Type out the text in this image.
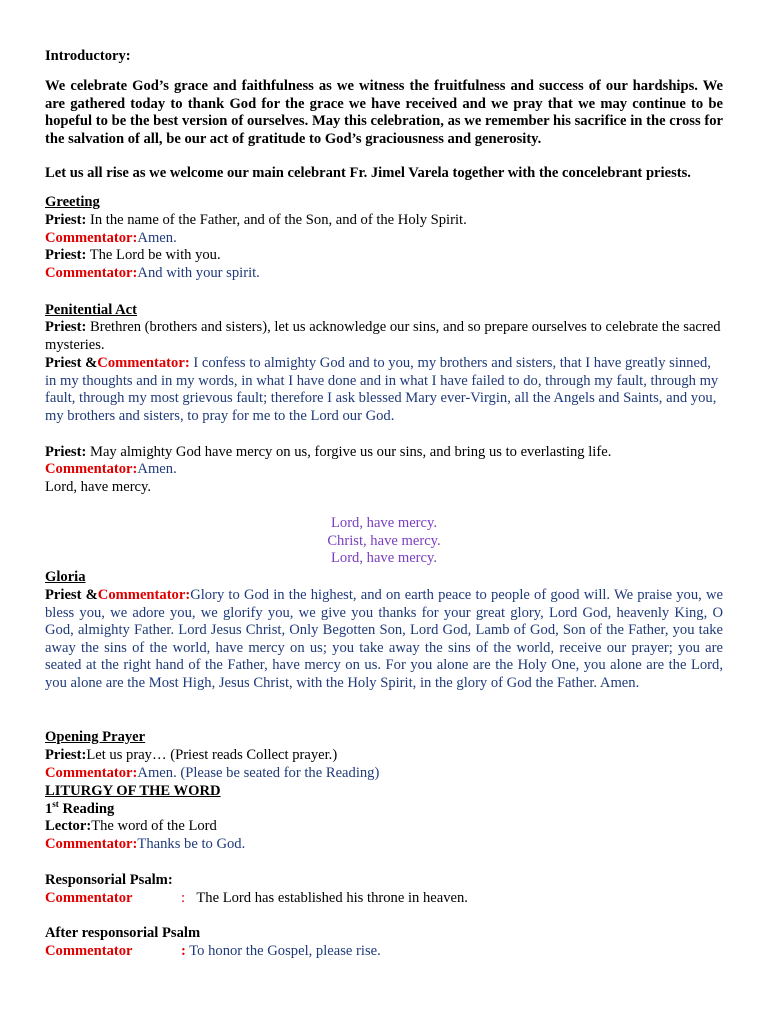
Introductory:
We celebrate God’s grace and faithfulness as we witness the fruitfulness and success of our hardships. We are gathered today to thank God for the grace we have received and we pray that we may continue to be hopeful to be the best version of ourselves. May this celebration, as we remember his sacrifice in the cross for the salvation of all, be our act of gratitude to God’s graciousness and generosity.
Let us all rise as we welcome our main celebrant Fr. Jimel Varela together with the concelebrant priests.
Greeting
Priest: In the name of the Father, and of the Son, and of the Holy Spirit.
Commentator:Amen.
Priest: The Lord be with you.
Commentator:And with your spirit.
Penitential Act
Priest: Brethren (brothers and sisters), let us acknowledge our sins, and so prepare ourselves to celebrate the sacred mysteries.
Priest &Commentator: I confess to almighty God and to you, my brothers and sisters, that I have greatly sinned, in my thoughts and in my words, in what I have done and in what I have failed to do, through my fault, through my fault, through my most grievous fault; therefore I ask blessed Mary ever-Virgin, all the Angels and Saints, and you, my brothers and sisters, to pray for me to the Lord our God.
Priest: May almighty God have mercy on us, forgive us our sins, and bring us to everlasting life.
Commentator:Amen.
Lord, have mercy.
Lord, have mercy.
Christ, have mercy.
Lord, have mercy.
Gloria
Priest &Commentator:Glory to God in the highest, and on earth peace to people of good will. We praise you, we bless you, we adore you, we glorify you, we give you thanks for your great glory, Lord God, heavenly King, O God, almighty Father. Lord Jesus Christ, Only Begotten Son, Lord God, Lamb of God, Son of the Father, you take away the sins of the world, have mercy on us; you take away the sins of the world, receive our prayer; you are seated at the right hand of the Father, have mercy on us. For you alone are the Holy One, you alone are the Lord, you alone are the Most High, Jesus Christ, with the Holy Spirit, in the glory of God the Father. Amen.
Opening Prayer
Priest:Let us pray… (Priest reads Collect prayer.)
Commentator:Amen. (Please be seated for the Reading)
LITURGY OF THE WORD
1st Reading
Lector:The word of the Lord
Commentator:Thanks be to God.
Responsorial Psalm:
Commentator	: The Lord has established his throne in heaven.
After responsorial Psalm
Commentator	: To honor the Gospel, please rise.
